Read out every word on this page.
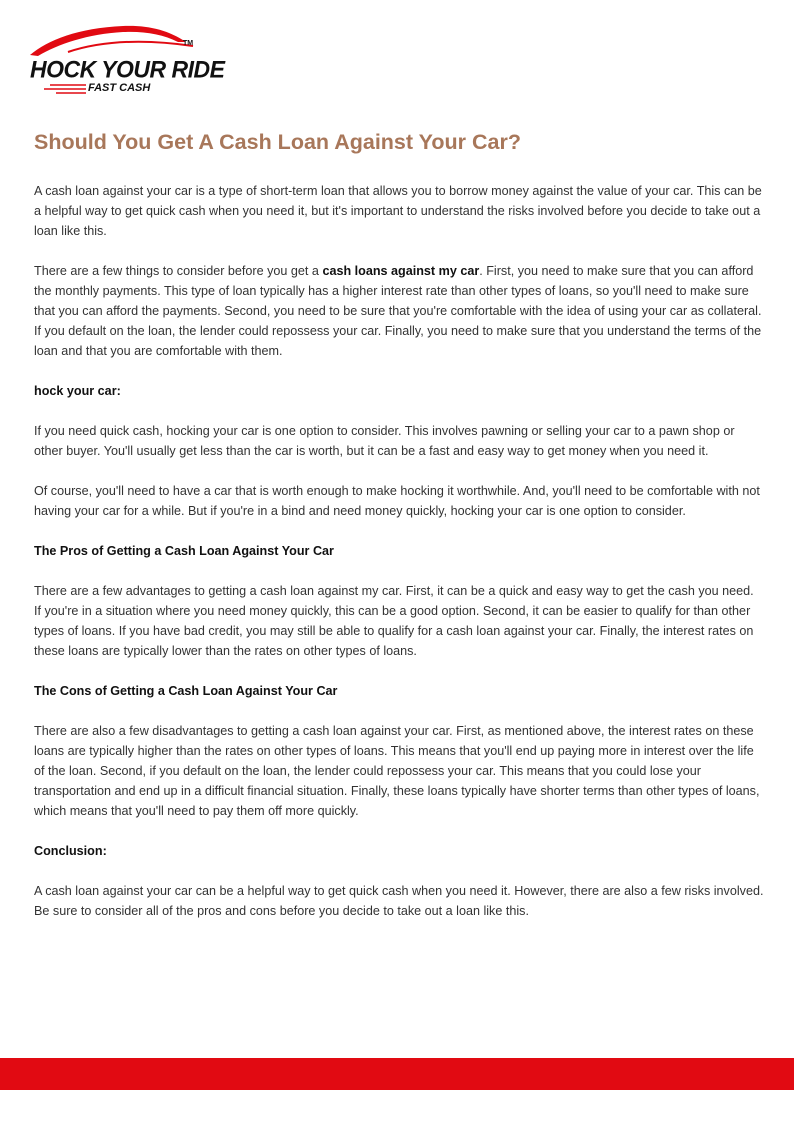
TM
HOCK YOUR RIDE
FAST CASH
Should You Get A Cash Loan Against Your Car?

A cash loan against your car is a type of short-term loan that allows you to borrow money against the value of your car. This can be a helpful way to get quick cash when you need it, but it's important to understand the risks involved before you decide to take out a loan like this.

There are a few things to consider before you get a cash loans against my car. First, you need to make sure that you can afford the monthly payments. This type of loan typically has a higher interest rate than other types of loans, so you'll need to make sure that you can afford the payments. Second, you need to be sure that you're comfortable with the idea of using your car as collateral. If you default on the loan, the lender could repossess your car. Finally, you need to make sure that you understand the terms of the loan and that you are comfortable with them.

hock your car:

If you need quick cash, hocking your car is one option to consider. This involves pawning or selling your car to a pawn shop or other buyer. You'll usually get less than the car is worth, but it can be a fast and easy way to get money when you need it.

Of course, you'll need to have a car that is worth enough to make hocking it worthwhile. And, you'll need to be comfortable with not having your car for a while. But if you're in a bind and need money quickly, hocking your car is one option to consider.

The Pros of Getting a Cash Loan Against Your Car

There are a few advantages to getting a cash loan against my car. First, it can be a quick and easy way to get the cash you need. If you're in a situation where you need money quickly, this can be a good option. Second, it can be easier to qualify for than other types of loans. If you have bad credit, you may still be able to qualify for a cash loan against your car. Finally, the interest rates on these loans are typically lower than the rates on other types of loans.

The Cons of Getting a Cash Loan Against Your Car

There are also a few disadvantages to getting a cash loan against your car. First, as mentioned above, the interest rates on these loans are typically higher than the rates on other types of loans. This means that you'll end up paying more in interest over the life of the loan. Second, if you default on the loan, the lender could repossess your car. This means that you could lose your transportation and end up in a difficult financial situation. Finally, these loans typically have shorter terms than other types of loans, which means that you'll need to pay them off more quickly.

Conclusion:

A cash loan against your car can be a helpful way to get quick cash when you need it. However, there are also a few risks involved. Be sure to consider all of the pros and cons before you decide to take out a loan like this.
